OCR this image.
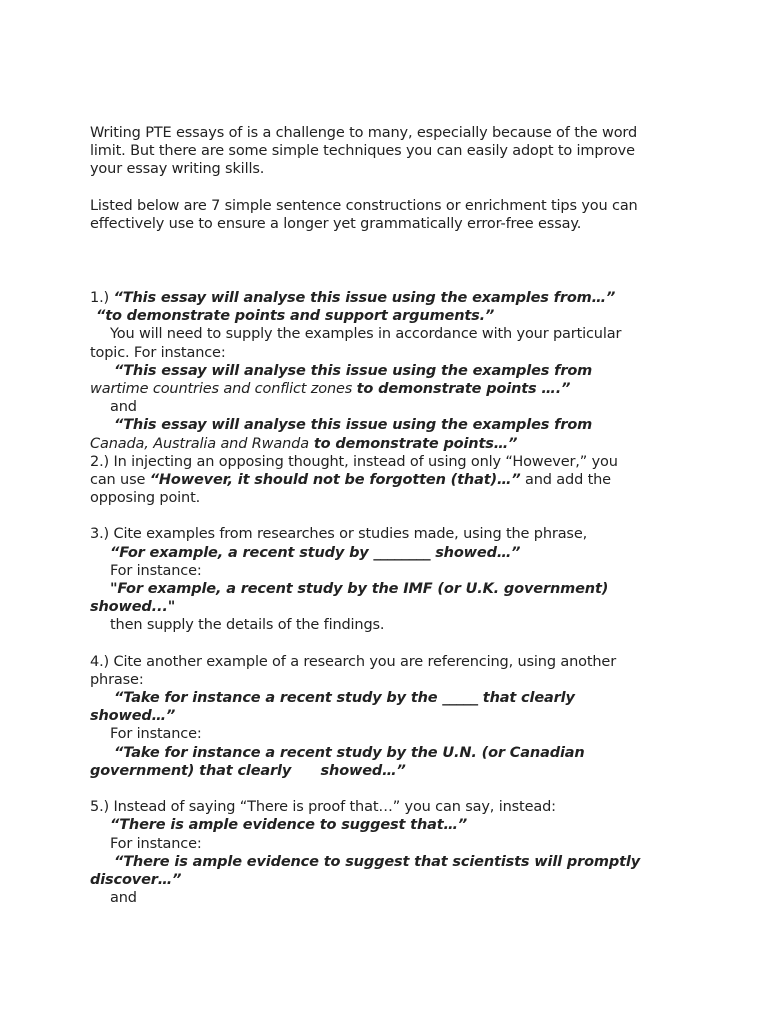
Writing PTE essays of is a challenge to many, especially because of the word
limit. But there are some simple techniques you can easily adopt to improve
your essay writing skills.

Listed below are 7 simple sentence constructions or enrichment tips you can
effectively use to ensure a longer yet grammatically error-free essay.

1.) “This essay will analyse this issue using the examples from…”
“to demonstrate points and support arguments.”
You will need to supply the examples in accordance with your particular
topic. For instance:
“This essay will analyse this issue using the examples from
wartime countries and conflict zones to demonstrate points ….”
and
“This essay will analyse this issue using the examples from
Canada, Australia and Rwanda to demonstrate points…”

2.) In injecting an opposing thought, instead of using only “However,” you
can use “However, it should not be forgotten (that)…” and add the
opposing point.

3.) Cite examples from researches or studies made, using the phrase,
“For example, a recent study by ________ showed…”
For instance:
"For example, a recent study by the IMF (or U.K. government)
showed..."
then supply the details of the findings.

4.) Cite another example of a research you are referencing, using another
phrase:
“Take for instance a recent study by the _____ that clearly
showed…”
For instance:
“Take for instance a recent study by the U.N. (or Canadian
government) that clearly      showed…”

5.) Instead of saying “There is proof that…” you can say, instead:
“There is ample evidence to suggest that…”
For instance:
“There is ample evidence to suggest that scientists will promptly
discover…”
and
